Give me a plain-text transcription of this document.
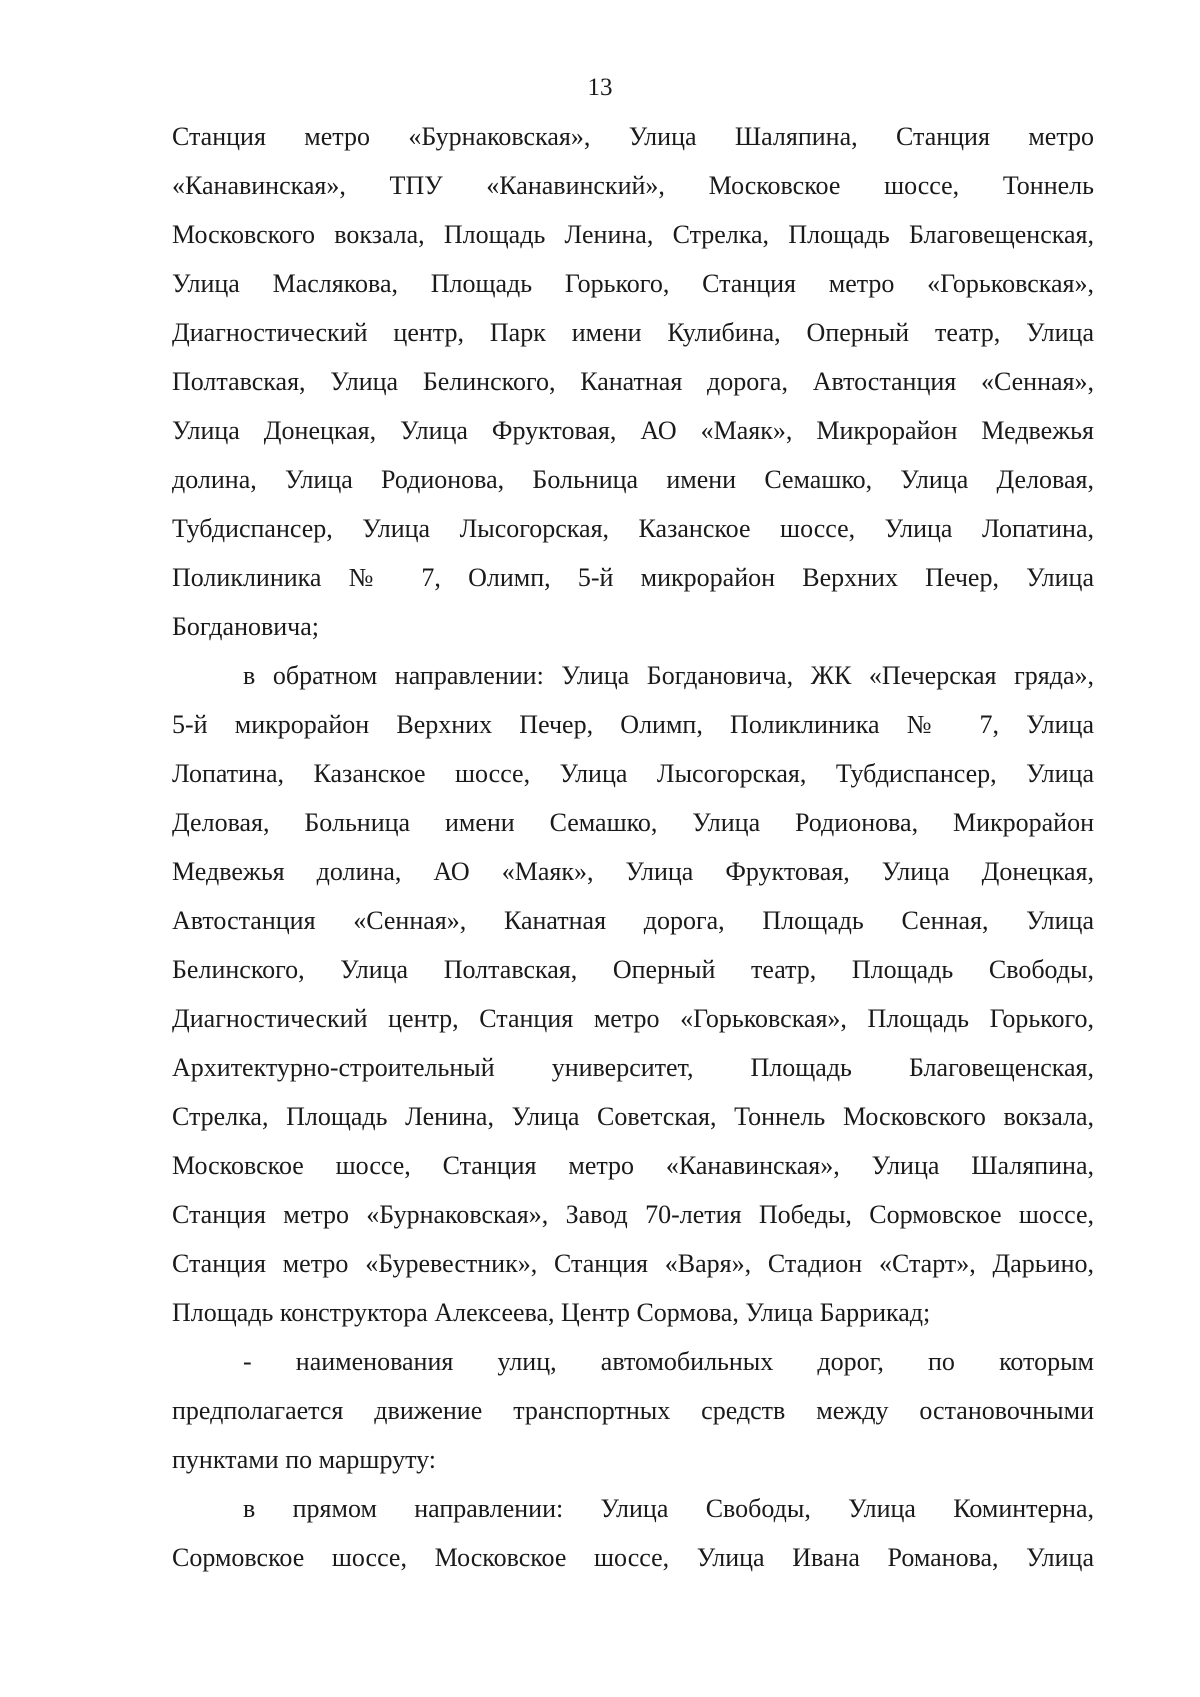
13
Станция метро «Бурнаковская», Улица Шаляпина, Станция метро
«Канавинская», ТПУ «Канавинский», Московское шоссе, Тоннель
Московского вокзала, Площадь Ленина, Стрелка, Площадь Благовещенская,
Улица Маслякова, Площадь Горького, Станция метро «Горьковская»,
Диагностический центр, Парк имени Кулибина, Оперный театр, Улица
Полтавская, Улица Белинского, Канатная дорога, Автостанция «Сенная»,
Улица Донецкая, Улица Фруктовая, АО «Маяк», Микрорайон Медвежья
долина, Улица Родионова, Больница имени Семашко, Улица Деловая,
Тубдиспансер, Улица Лысогорская, Казанское шоссе, Улица Лопатина,
Поликлиника № 7, Олимп, 5-й микрорайон Верхних Печер, Улица
Богдановича;
в обратном направлении: Улица Богдановича, ЖК «Печерская гряда»,
5-й микрорайон Верхних Печер, Олимп, Поликлиника № 7, Улица
Лопатина, Казанское шоссе, Улица Лысогорская, Тубдиспансер, Улица
Деловая, Больница имени Семашко, Улица Родионова, Микрорайон
Медвежья долина, АО «Маяк», Улица Фруктовая, Улица Донецкая,
Автостанция «Сенная», Канатная дорога, Площадь Сенная, Улица
Белинского, Улица Полтавская, Оперный театр, Площадь Свободы,
Диагностический центр, Станция метро «Горьковская», Площадь Горького,
Архитектурно-строительный университет, Площадь Благовещенская,
Стрелка, Площадь Ленина, Улица Советская, Тоннель Московского вокзала,
Московское шоссе, Станция метро «Канавинская», Улица Шаляпина,
Станция метро «Бурнаковская», Завод 70-летия Победы, Сормовское шоссе,
Станция метро «Буревестник», Станция «Варя», Стадион «Старт», Дарьино,
Площадь конструктора Алексеева, Центр Сормова, Улица Баррикад;
- наименования улиц, автомобильных дорог, по которым
предполагается движение транспортных средств между остановочными
пунктами по маршруту:
в прямом направлении: Улица Свободы, Улица Коминтерна,
Сормовское шоссе, Московское шоссе, Улица Ивана Романова, Улица
